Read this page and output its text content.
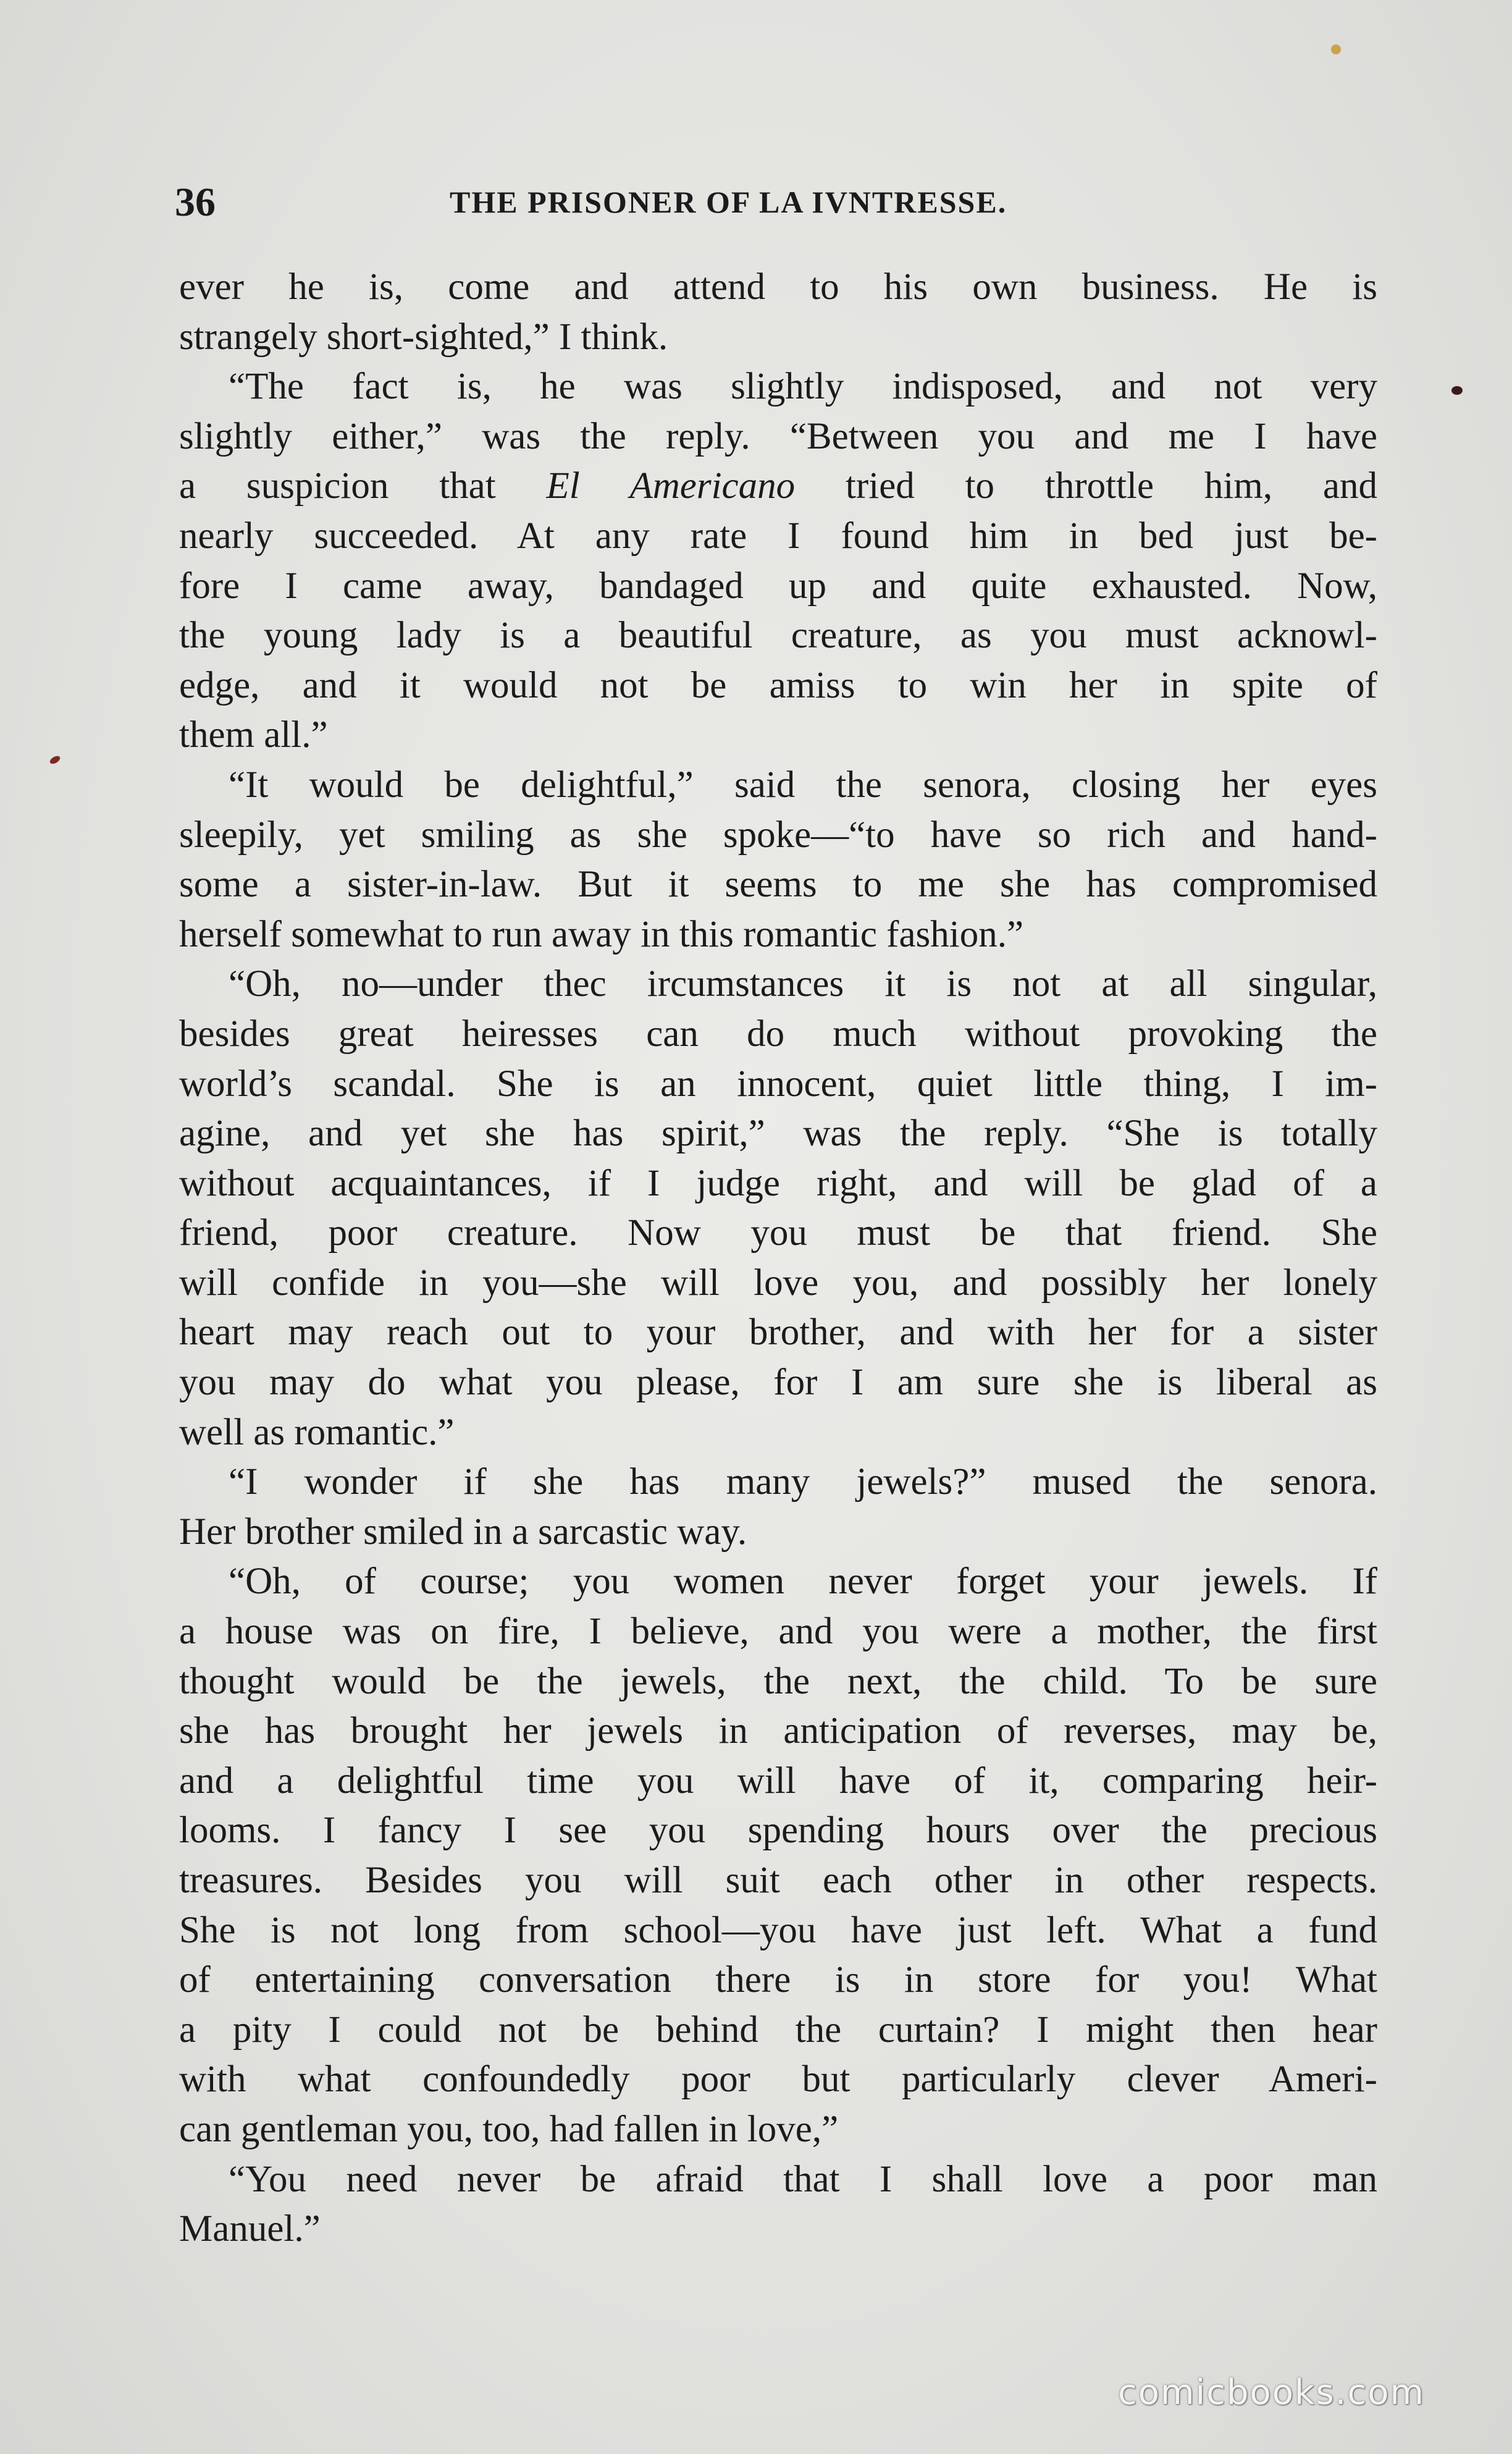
36	THE PRISONER OF LA IVNTRESSE.
ever he is, come and attend to his own business. He is
strangely short-sighted,” I think.
“The fact is, he was slightly indisposed, and not very
slightly either,” was the reply. “Between you and me I have
a suspicion that El Americano tried to throttle him, and
nearly succeeded. At any rate I found him in bed just be-
fore I came away, bandaged up and quite exhausted. Now,
the young lady is a beautiful creature, as you must acknowl-
edge, and it would not be amiss to win her in spite of
them all.”
“It would be delightful,” said the senora, closing her eyes
sleepily, yet smiling as she spoke—“to have so rich and hand-
some a sister-in-law. But it seems to me she has compromised
herself somewhat to run away in this romantic fashion.”
“Oh, no—under thec ircumstances it is not at all singular,
besides great heiresses can do much without provoking the
world’s scandal. She is an innocent, quiet little thing, I im-
agine, and yet she has spirit,” was the reply. “She is totally
without acquaintances, if I judge right, and will be glad of a
friend, poor creature. Now you must be that friend. She
will confide in you—she will love you, and possibly her lonely
heart may reach out to your brother, and with her for a sister
you may do what you please, for I am sure she is liberal as
well as romantic.”
“I wonder if she has many jewels?” mused the senora.
Her brother smiled in a sarcastic way.
“Oh, of course; you women never forget your jewels. If
a house was on fire, I believe, and you were a mother, the first
thought would be the jewels, the next, the child. To be sure
she has brought her jewels in anticipation of reverses, may be,
and a delightful time you will have of it, comparing heir-
looms. I fancy I see you spending hours over the precious
treasures. Besides you will suit each other in other respects.
She is not long from school—you have just left. What a fund
of entertaining conversation there is in store for you! What
a pity I could not be behind the curtain? I might then hear
with what confoundedly poor but particularly clever Ameri-
can gentleman you, too, had fallen in love,”
“You need never be afraid that I shall love a poor man
Manuel.”
comicbooks.com
